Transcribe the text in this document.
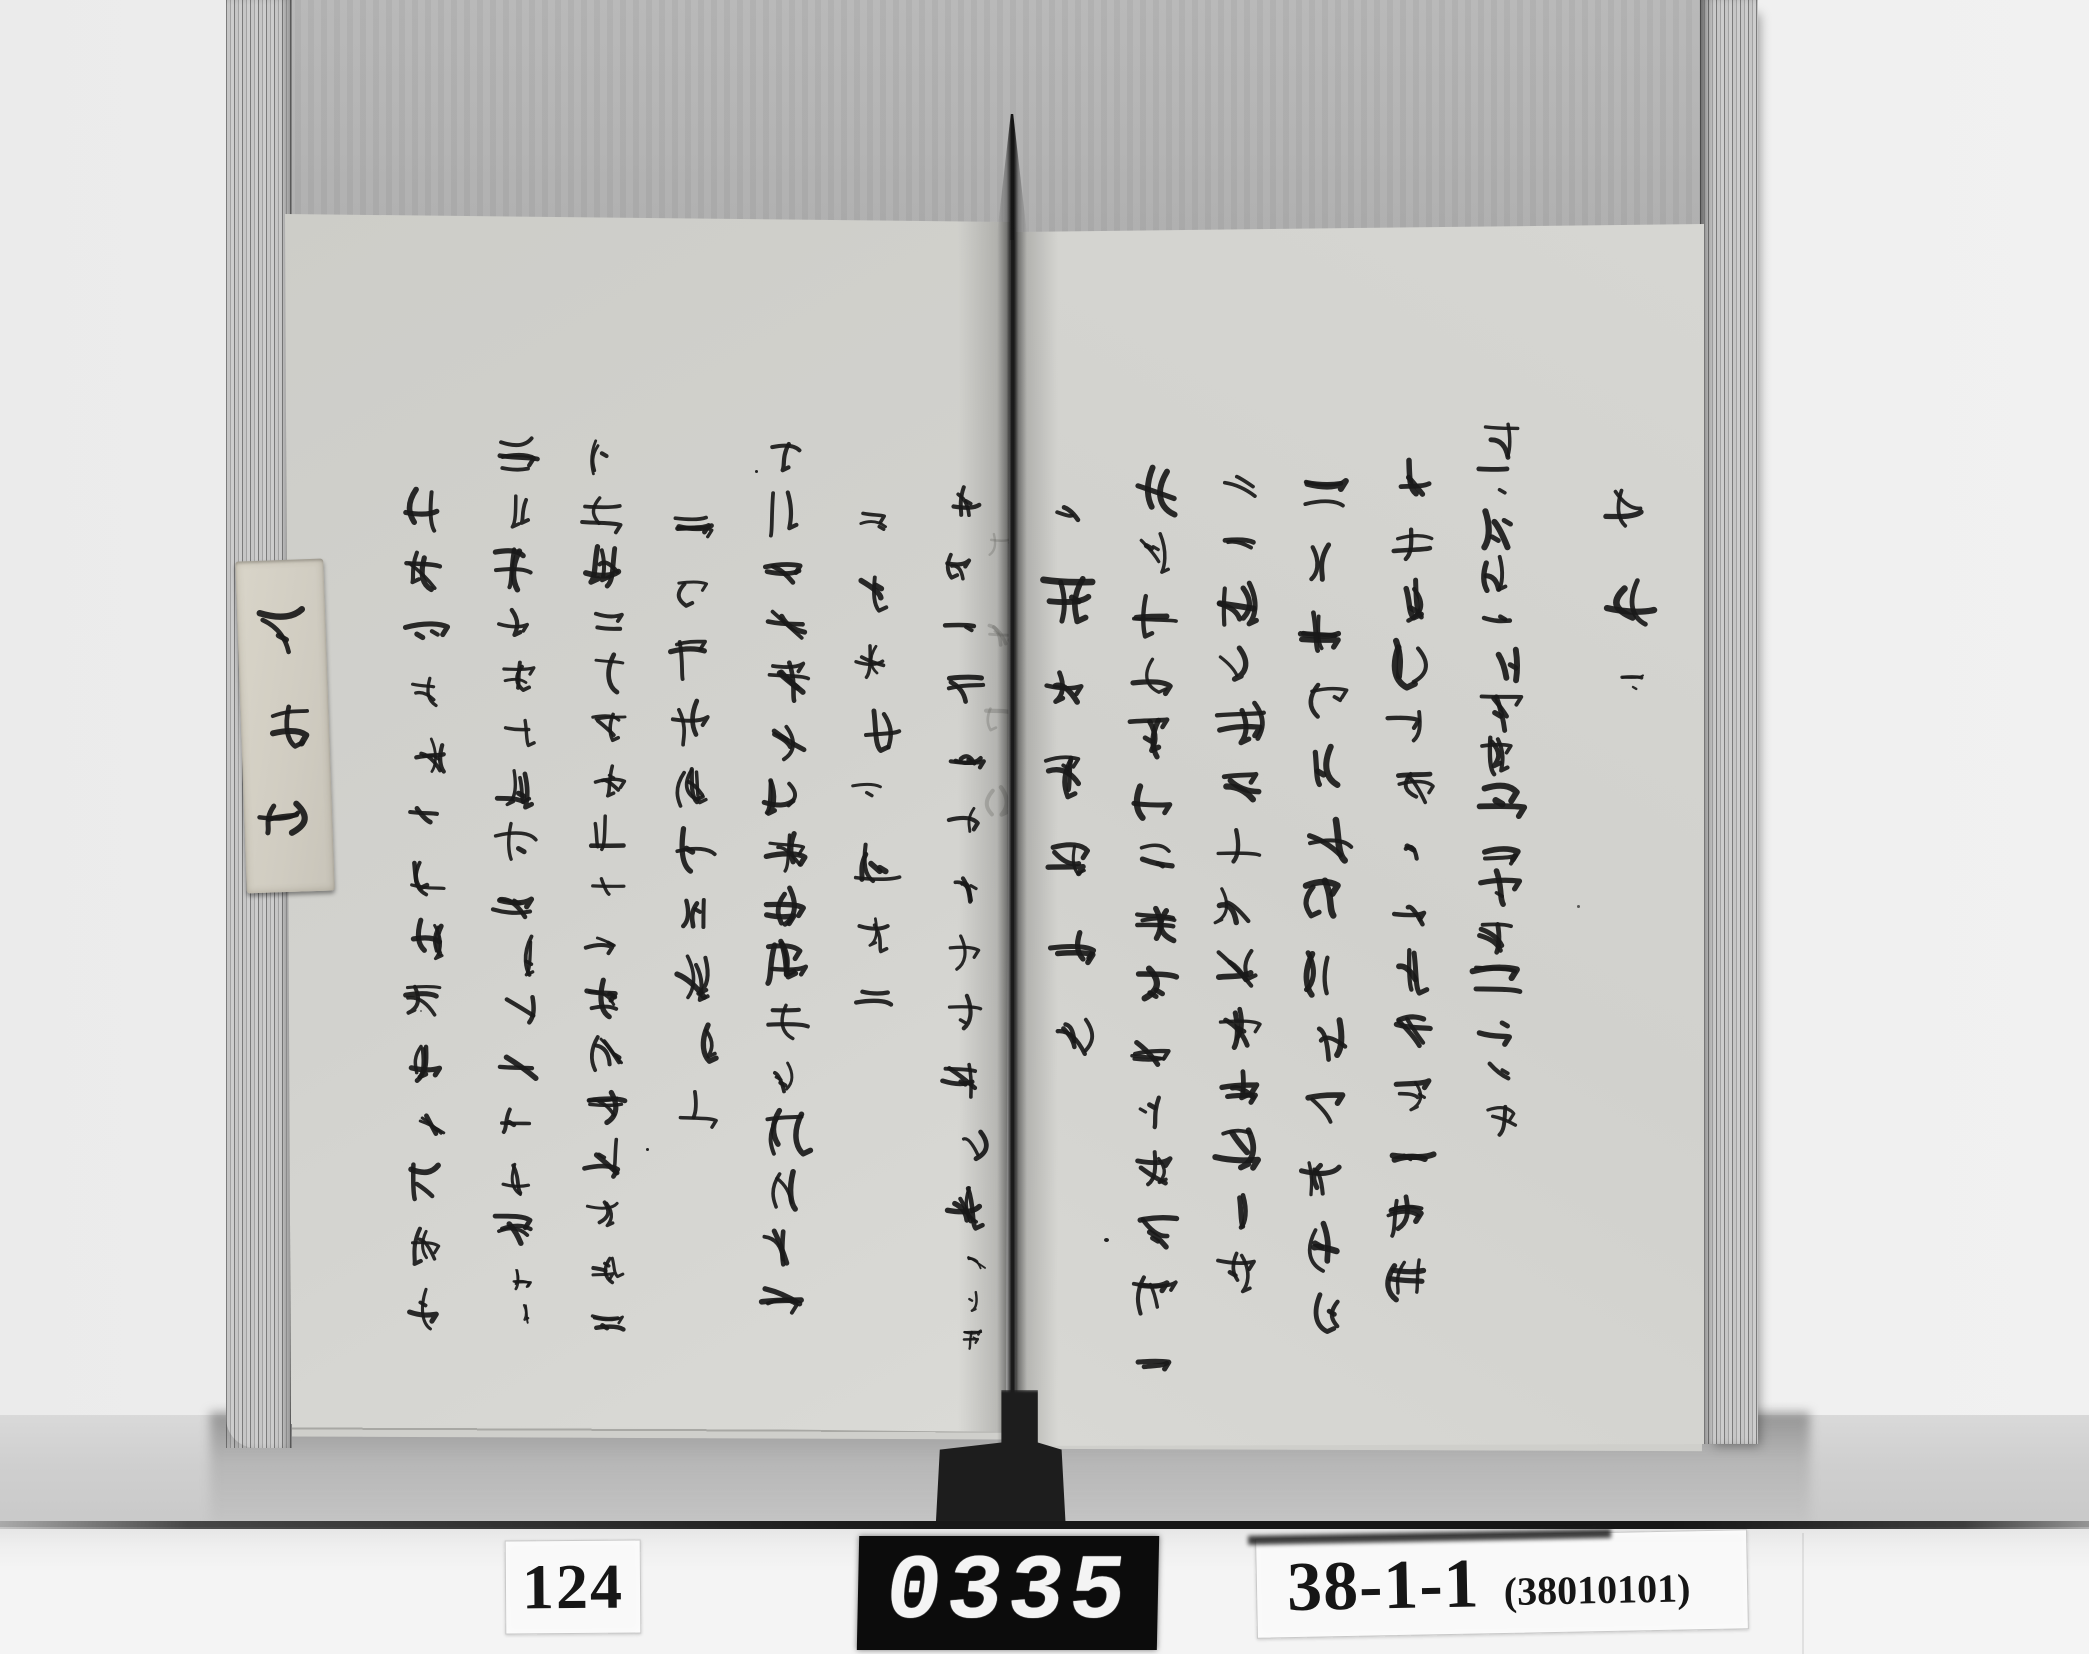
124	0335 38-1-1 (38010101)
